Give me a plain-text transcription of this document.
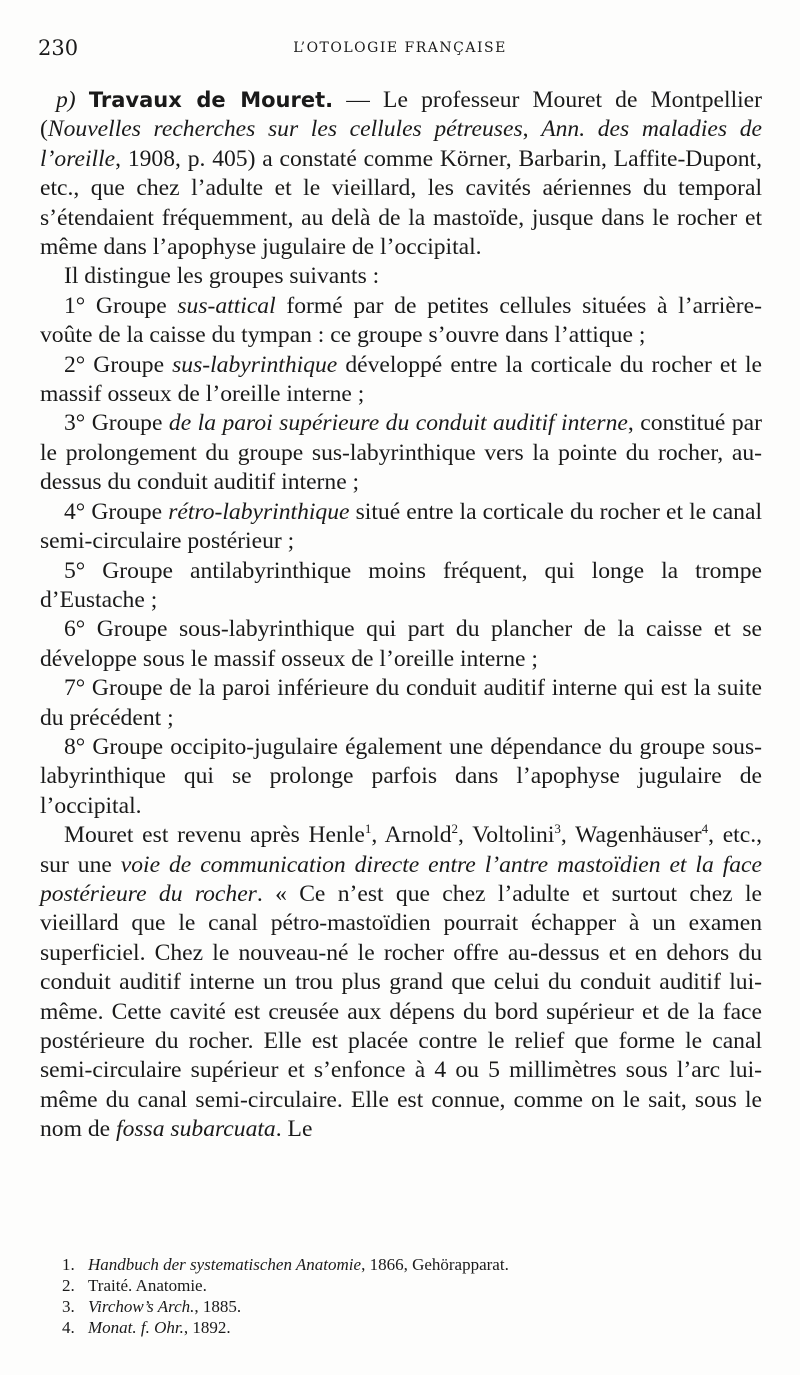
230	L’OTOLOGIE FRANÇAISE

p) Travaux de Mouret. — Le professeur Mouret de Montpellier (Nouvelles recherches sur les cellules pétreuses, Ann. des maladies de l’oreille, 1908, p. 405) a constaté comme Körner, Barbarin, Laffite-Dupont, etc., que chez l’adulte et le vieillard, les cavités aériennes du temporal s’étendaient fréquemment, au delà de la mastoïde, jusque dans le rocher et même dans l’apophyse jugulaire de l’occipital.

Il distingue les groupes suivants :

1° Groupe sus-attical formé par de petites cellules situées à l’arrière-voûte de la caisse du tympan : ce groupe s’ouvre dans l’attique ;

2° Groupe sus-labyrinthique développé entre la corticale du rocher et le massif osseux de l’oreille interne ;

3° Groupe de la paroi supérieure du conduit auditif interne, constitué par le prolongement du groupe sus-labyrinthique vers la pointe du rocher, au-dessus du conduit auditif interne ;

4° Groupe rétro-labyrinthique situé entre la corticale du rocher et le canal semi-circulaire postérieur ;

5° Groupe antilabyrinthique moins fréquent, qui longe la trompe d’Eustache ;

6° Groupe sous-labyrinthique qui part du plancher de la caisse et se développe sous le massif osseux de l’oreille interne ;

7° Groupe de la paroi inférieure du conduit auditif interne qui est la suite du précédent ;

8° Groupe occipito-jugulaire également une dépendance du groupe sous-labyrinthique qui se prolonge parfois dans l’apophyse jugulaire de l’occipital.

Mouret est revenu après Henle$^1$, Arnold$^2$, Voltolini$^3$, Wagenhäuser$^4$, etc., sur une voie de communication directe entre l’antre mastoïdien et la face postérieure du rocher. « Ce n’est que chez l’adulte et surtout chez le vieillard que le canal pétro-mastoïdien pourrait échapper à un examen superficiel. Chez le nouveau-né le rocher offre au-dessus et en dehors du conduit auditif interne un trou plus grand que celui du conduit auditif lui-même. Cette cavité est creusée aux dépens du bord supérieur et de la face postérieure du rocher. Elle est placée contre le relief que forme le canal semi-circulaire supérieur et s’enfonce à 4 ou 5 millimètres sous l’arc lui-même du canal semi-circulaire. Elle est connue, comme on le sait, sous le nom de fossa subarcuata. Le

1. Handbuch der systematischen Anatomie, 1866, Gehörapparat.

2. Traité. Anatomie.

3. Virchow’s Arch., 1885.

4. Monat. f. Ohr., 1892.
